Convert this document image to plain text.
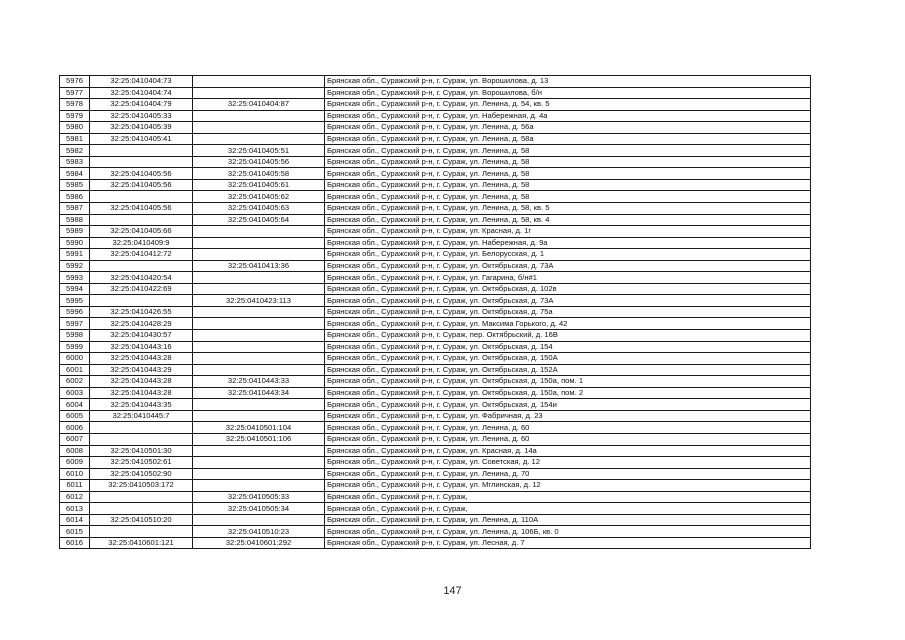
5976	32:25:0410404:73		Брянская обл., Суражский р-н, г. Сураж, ул. Ворошилова, д. 13
5977	32:25:0410404:74		Брянская обл., Суражский р-н, г. Сураж, ул. Ворошилова, б/н
5978	32:25:0410404:79	32:25:0410404:87	Брянская обл., Суражский р-н, г. Сураж, ул. Ленина, д. 54, кв. 5
5979	32:25:0410405:33		Брянская обл., Суражский р-н, г. Сураж, ул. Набережная, д. 4а
5980	32:25:0410405:39		Брянская обл., Суражский р-н, г. Сураж, ул. Ленина, д. 56а
5981	32:25:0410405:41		Брянская обл., Суражский р-н, г. Сураж, ул. Ленина, д. 58а
5982		32:25:0410405:51	Брянская обл., Суражский р-н, г. Сураж, ул. Ленина, д. 58
5983		32:25:0410405:56	Брянская обл., Суражский р-н, г. Сураж, ул. Ленина, д. 58
5984	32:25:0410405:56	32:25:0410405:58	Брянская обл., Суражский р-н, г. Сураж, ул. Ленина, д. 58
5985	32:25:0410405:56	32:25:0410405:61	Брянская обл., Суражский р-н, г. Сураж, ул. Ленина, д. 58
5986		32:25:0410405:62	Брянская обл., Суражский р-н, г. Сураж, ул. Ленина, д. 58
5987	32:25:0410405:56	32:25:0410405:63	Брянская обл., Суражский р-н, г. Сураж, ул. Ленина, д. 58, кв. 5
5988		32:25:0410405:64	Брянская обл., Суражский р-н, г. Сураж, ул. Ленина, д. 58, кв. 4
5989	32:25:0410405:66		Брянская обл., Суражский р-н, г. Сураж, ул. Красная, д. 1г
5990	32:25:0410409:9		Брянская обл., Суражский р-н, г. Сураж, ул. Набережная, д. 9а
5991	32:25:0410412:72		Брянская обл., Суражский р-н, г. Сураж, ул. Белорусская, д. 1
5992		32:25:0410413:36	Брянская обл., Суражский р-н, г. Сураж, ул. Октябрьская, д. 73А
5993	32:25:0410420:54		Брянская обл., Суражский р-н, г. Сураж, ул. Гагарина, б/н#1
5994	32:25:0410422:69		Брянская обл., Суражский р-н, г. Сураж, ул. Октябрьская, д. 102в
5995		32:25:0410423:113	Брянская обл., Суражский р-н, г. Сураж, ул. Октябрьская, д. 73А
5996	32:25:0410426:55		Брянская обл., Суражский р-н, г. Сураж, ул. Октябрьская, д. 75а
5997	32:25:0410428:29		Брянская обл., Суражский р-н, г. Сураж, ул. Максима Горького, д. 42
5998	32:25:0410430:57		Брянская обл., Суражский р-н, г. Сураж, пер. Октябрьский, д. 16В
5999	32:25:0410443:16		Брянская обл., Суражский р-н, г. Сураж, ул. Октябрьская, д. 154
6000	32:25:0410443:28		Брянская обл., Суражский р-н, г. Сураж, ул. Октябрьская, д. 150А
6001	32:25:0410443:29		Брянская обл., Суражский р-н, г. Сураж, ул. Октябрьская, д. 152А
6002	32:25:0410443:28	32:25:0410443:33	Брянская обл., Суражский р-н, г. Сураж, ул. Октябрьская, д. 150а, пом. 1
6003	32:25:0410443:28	32:25:0410443:34	Брянская обл., Суражский р-н, г. Сураж, ул. Октябрьская, д. 150а, пом. 2
6004	32:25:0410443:35		Брянская обл., Суражский р-н, г. Сураж, ул. Октябрьская, д. 154и
6005	32:25:0410445:7		Брянская обл., Суражский р-н, г. Сураж, ул. Фабричная, д. 23
6006		32:25:0410501:104	Брянская обл., Суражский р-н, г. Сураж, ул. Ленина, д. 60
6007		32:25:0410501:106	Брянская обл., Суражский р-н, г. Сураж, ул. Ленина, д. 60
6008	32:25:0410501:30		Брянская обл., Суражский р-н, г. Сураж, ул. Красная, д. 14а
6009	32:25:0410502:61		Брянская обл., Суражский р-н, г. Сураж, ул. Советская, д. 12
6010	32:25:0410502:90		Брянская обл., Суражский р-н, г. Сураж, ул. Ленина, д. 70
6011	32:25:0410503:172		Брянская обл., Суражский р-н, г. Сураж, ул. Мглинская, д. 12
6012		32:25:0410505:33	Брянская обл., Суражский р-н, г. Сураж,
6013		32:25:0410505:34	Брянская обл., Суражский р-н, г. Сураж,
6014	32:25:0410510:20		Брянская обл., Суражский р-н, г. Сураж, ул. Ленина, д. 110А
6015		32:25:0410510:23	Брянская обл., Суражский р-н, г. Сураж, ул. Ленина, д. 106Б, кв. 0
6016	32:25:0410601:121	32:25:0410601:292	Брянская обл., Суражский р-н, г. Сураж, ул. Лесная, д. 7
147
